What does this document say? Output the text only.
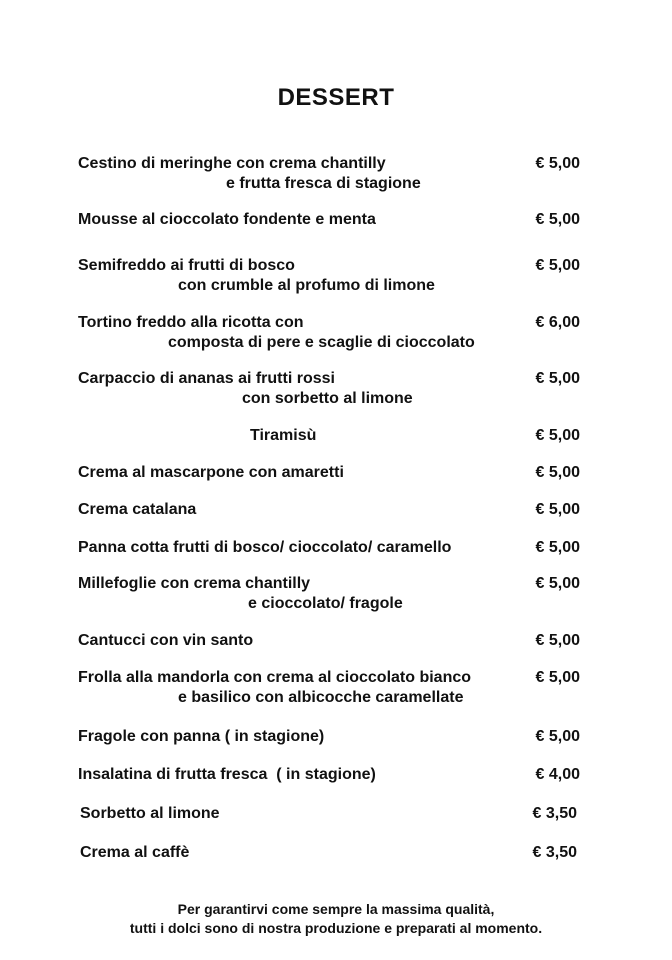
DESSERT
Cestino di meringhe con crema chantilly
e frutta fresca di stagione
€ 5,00
Mousse al cioccolato fondente e menta	€ 5,00
Semifreddo ai frutti di bosco
con crumble al profumo di limone
€ 5,00
Tortino freddo alla ricotta con
composta di pere e scaglie di cioccolato
€ 6,00
Carpaccio di ananas ai frutti rossi
con sorbetto al limone
€ 5,00
Tiramisù	€ 5,00
Crema al mascarpone con amaretti	€ 5,00
Crema catalana	€ 5,00
Panna cotta frutti di bosco/ cioccolato/ caramello	€ 5,00
Millefoglie con crema chantilly
e cioccolato/ fragole
€ 5,00
Cantucci con vin santo	€ 5,00
Frolla alla mandorla con crema al cioccolato bianco
e basilico con albicocche caramellate
€ 5,00
Fragole con panna ( in stagione)	€ 5,00
Insalatina di frutta fresca  ( in stagione)	€ 4,00
Sorbetto al limone	€ 3,50
Crema al caffè	€ 3,50
Per garantirvi come sempre la massima qualità,
tutti i dolci sono di nostra produzione e preparati al momento.
